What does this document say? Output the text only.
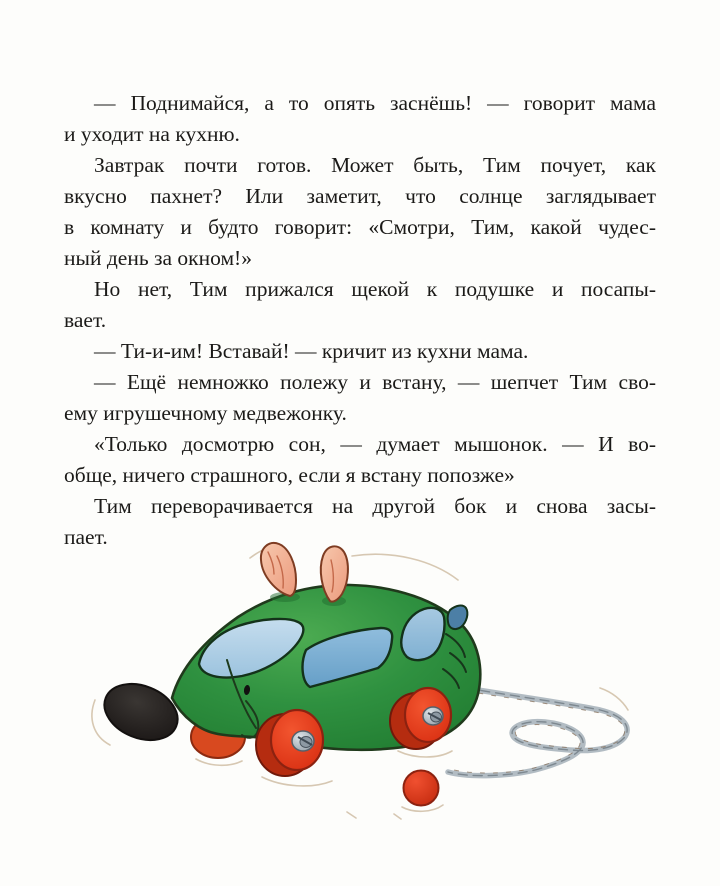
— Поднимайся, а то опять заснёшь! — говорит мама
и уходит на кухню.
Завтрак почти готов. Может быть, Тим почует, как
вкусно пахнет? Или заметит, что солнце заглядывает
в комнату и будто говорит: «Смотри, Тим, какой чудес-
ный день за окном!»
Но нет, Тим прижался щекой к подушке и посапы-
вает.
— Ти-и-им! Вставай! — кричит из кухни мама.
— Ещё немножко полежу и встану, — шепчет Тим сво-
ему игрушечному медвежонку.
«Только досмотрю сон, — думает мышонок. — И во-
обще, ничего страшного, если я встану попозже»
Тим переворачивается на другой бок и снова засы-
пает.
